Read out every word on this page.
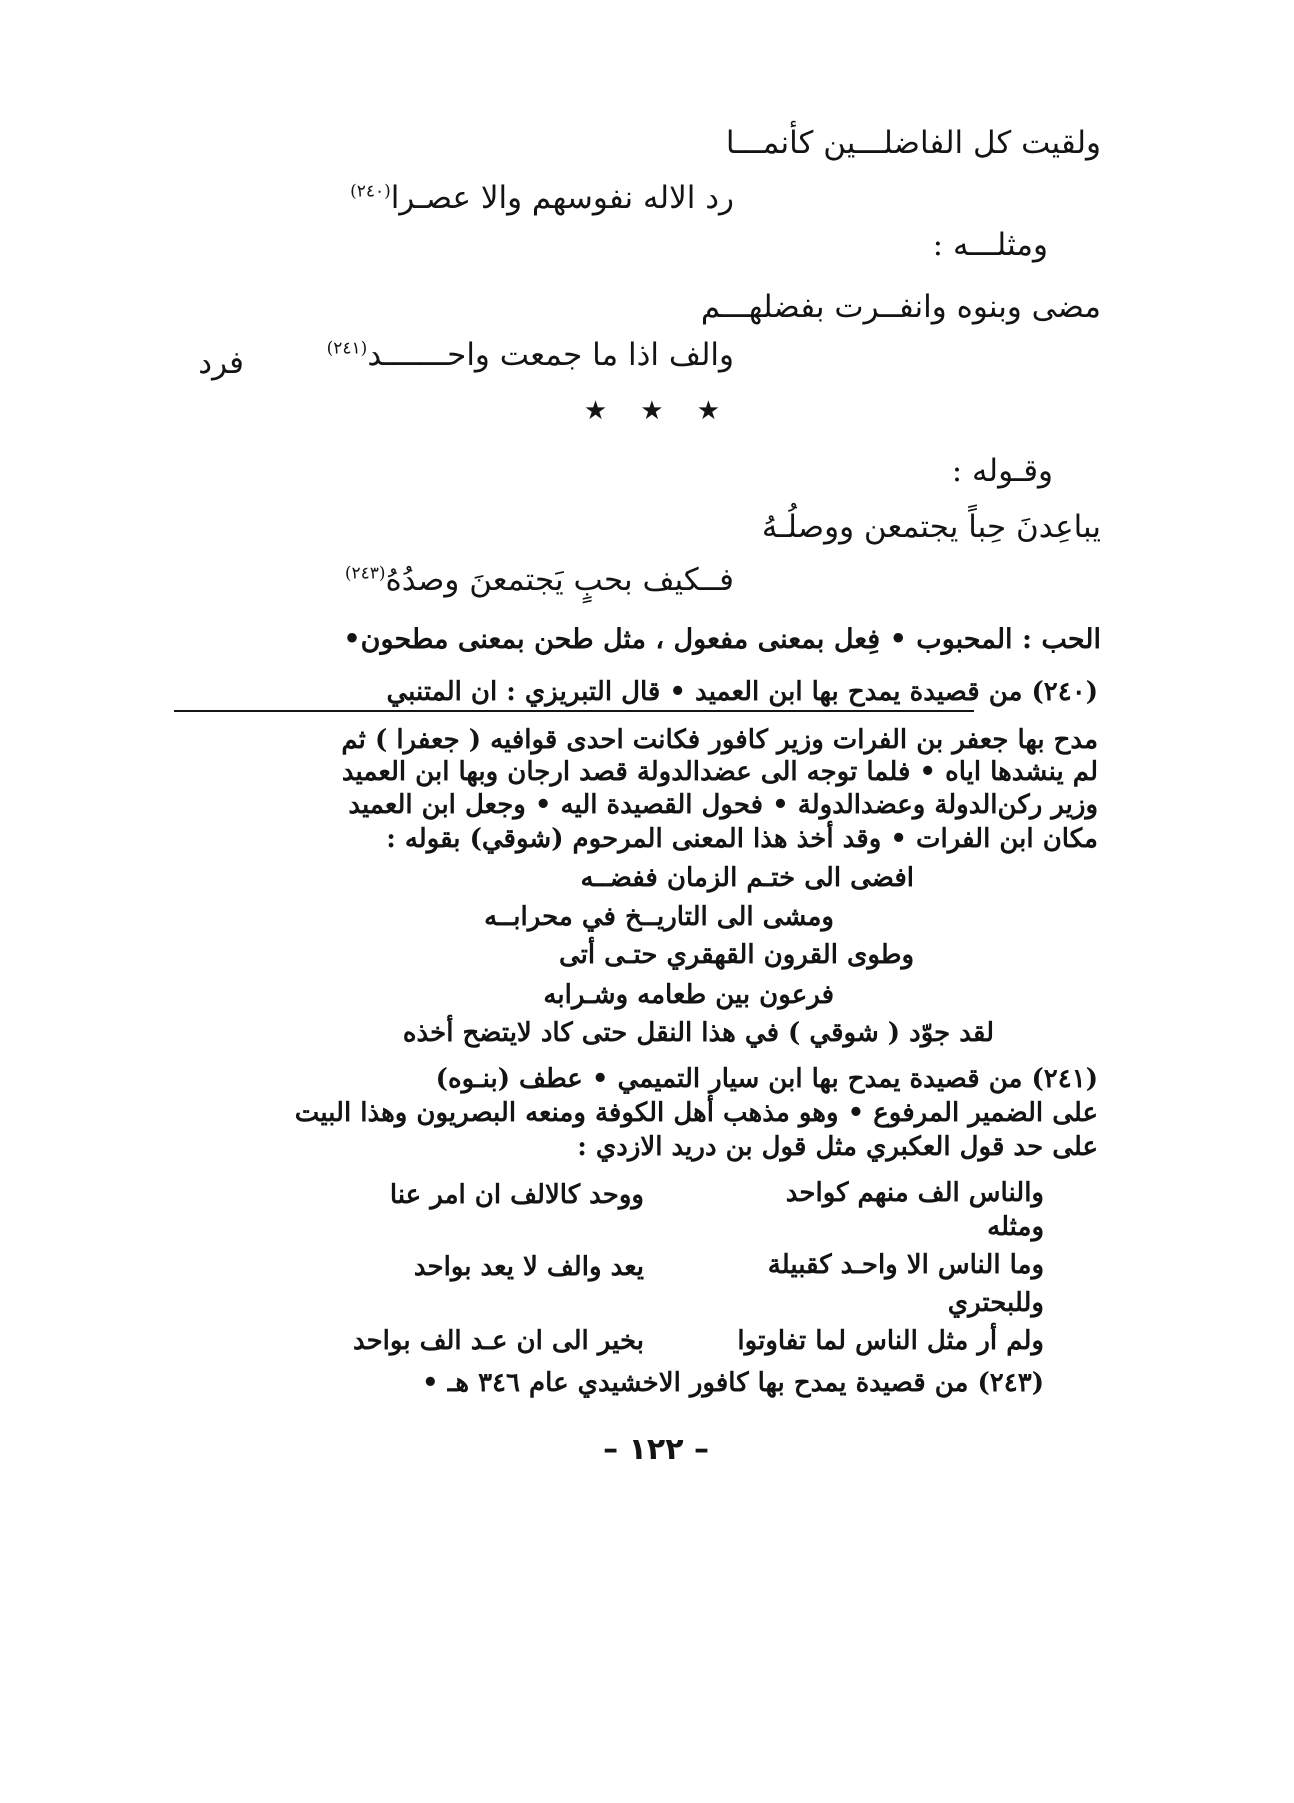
ولقيت كل الفاضلـــين كأنمـــا
رد الاله نفوسهم والا عصـرا$^{(٢٤٠)}$
ومثلـــه :
مضى وبنوه وانفــرت بفضلهـــم
والف اذا ما جمعت واحـــــــد$^{(٢٤١)}$
فرد
★ ★ ★
وقـوله :
يباعِدنَ حِباً يجتمعن ووصلُـهُ
فــكيف بحبٍ يَجتمعنَ وصدُهُ$^{(٢٤٣)}$
الحب : المحبوب • فِعل بمعنى مفعول ، مثل طحن بمعنى مطحون•
(٢٤٠) من قصيدة يمدح بها ابن العميد • قال التبريزي : ان المتنبي
مدح بها جعفر بن الفرات وزير كافور فكانت احدى قوافيه ( جعفرا ) ثم
لم ينشدها اياه • فلما توجه الى عضدالدولة قصد ارجان وبها ابن العميد
وزير ركن‌الدولة وعضدالدولة • فحول القصيدة اليه • وجعل ابن العميد
مكان ابن الفرات • وقد أخذ هذا المعنى المرحوم (شوقي) بقوله :
افضى الى ختـم الزمان ففضــه
ومشى الى التاريــخ في محرابــه
وطوى القرون القهقري حتـى أتى
فرعون بين طعامه وشـرابه
لقد جوّد ( شوقي ) في هذا النقل حتى كاد لايتضح أخذه
(٢٤١) من قصيدة يمدح بها ابن سيار التميمي • عطف (بنـوه)
على الضمير المرفوع • وهو مذهب أهل الكوفة ومنعه البصريون وهذا البيت
على حد قول العكبري مثل قول بن دريد الازدي :
والناس الف منهم كواحد
ووحد كالالف ان امر عنا
ومثله
وما الناس الا واحـد كقبيلة
يعد والف لا يعد بواحد
وللبحتري
ولم أر مثل الناس لما تفاوتوا
بخير الى ان عـد الف بواحد
(٢٤٣) من قصيدة يمدح بها كافور الاخشيدي عام ٣٤٦ هـ •
– ١٢٢ –
